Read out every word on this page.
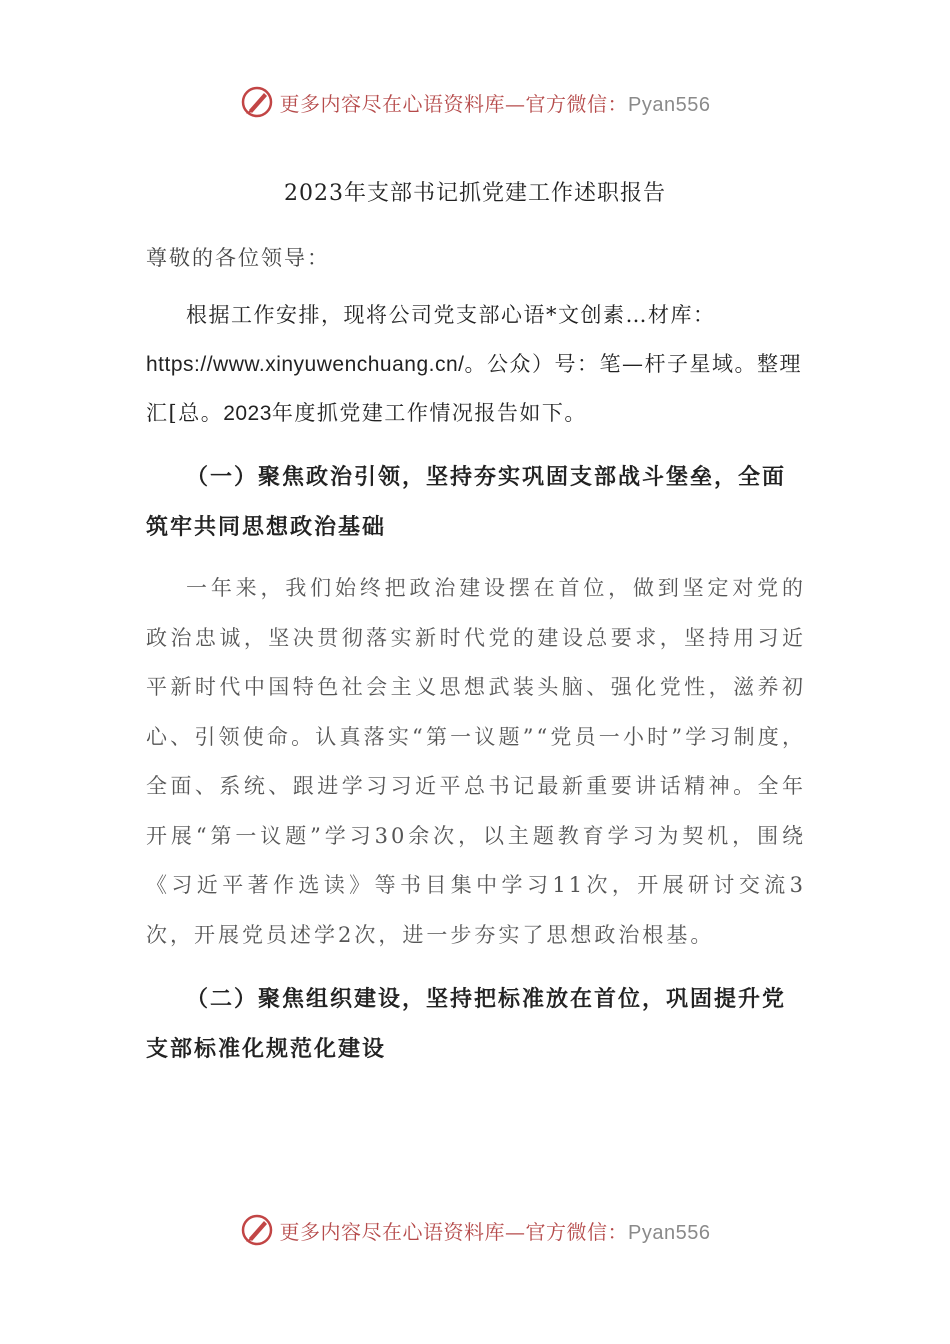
更多内容尽在心语资料库—官方微信：Pyan556
2023年支部书记抓党建工作述职报告

尊敬的各位领导：

根据工作安排，现将公司党支部心语*文创素…材库：https://www.xinyuwenchuang.cn/。公众）号：笔—杆子星域。整理汇[总。2023年度抓党建工作情况报告如下。

（一）聚焦政治引领，坚持夯实巩固支部战斗堡垒，全面筑牢共同思想政治基础

一年来，我们始终把政治建设摆在首位，做到坚定对党的政治忠诚，坚决贯彻落实新时代党的建设总要求，坚持用习近平新时代中国特色社会主义思想武装头脑、强化党性，滋养初心、引领使命。认真落实“第一议题”“党员一小时”学习制度，全面、系统、跟进学习习近平总书记最新重要讲话精神。全年开展“第一议题”学习30余次，以主题教育学习为契机，围绕《习近平著作选读》等书目集中学习11次，开展研讨交流3次，开展党员述学2次，进一步夯实了思想政治根基。

（二）聚焦组织建设，坚持把标准放在首位，巩固提升党支部标准化规范化建设

更多内容尽在心语资料库—官方微信：Pyan556
